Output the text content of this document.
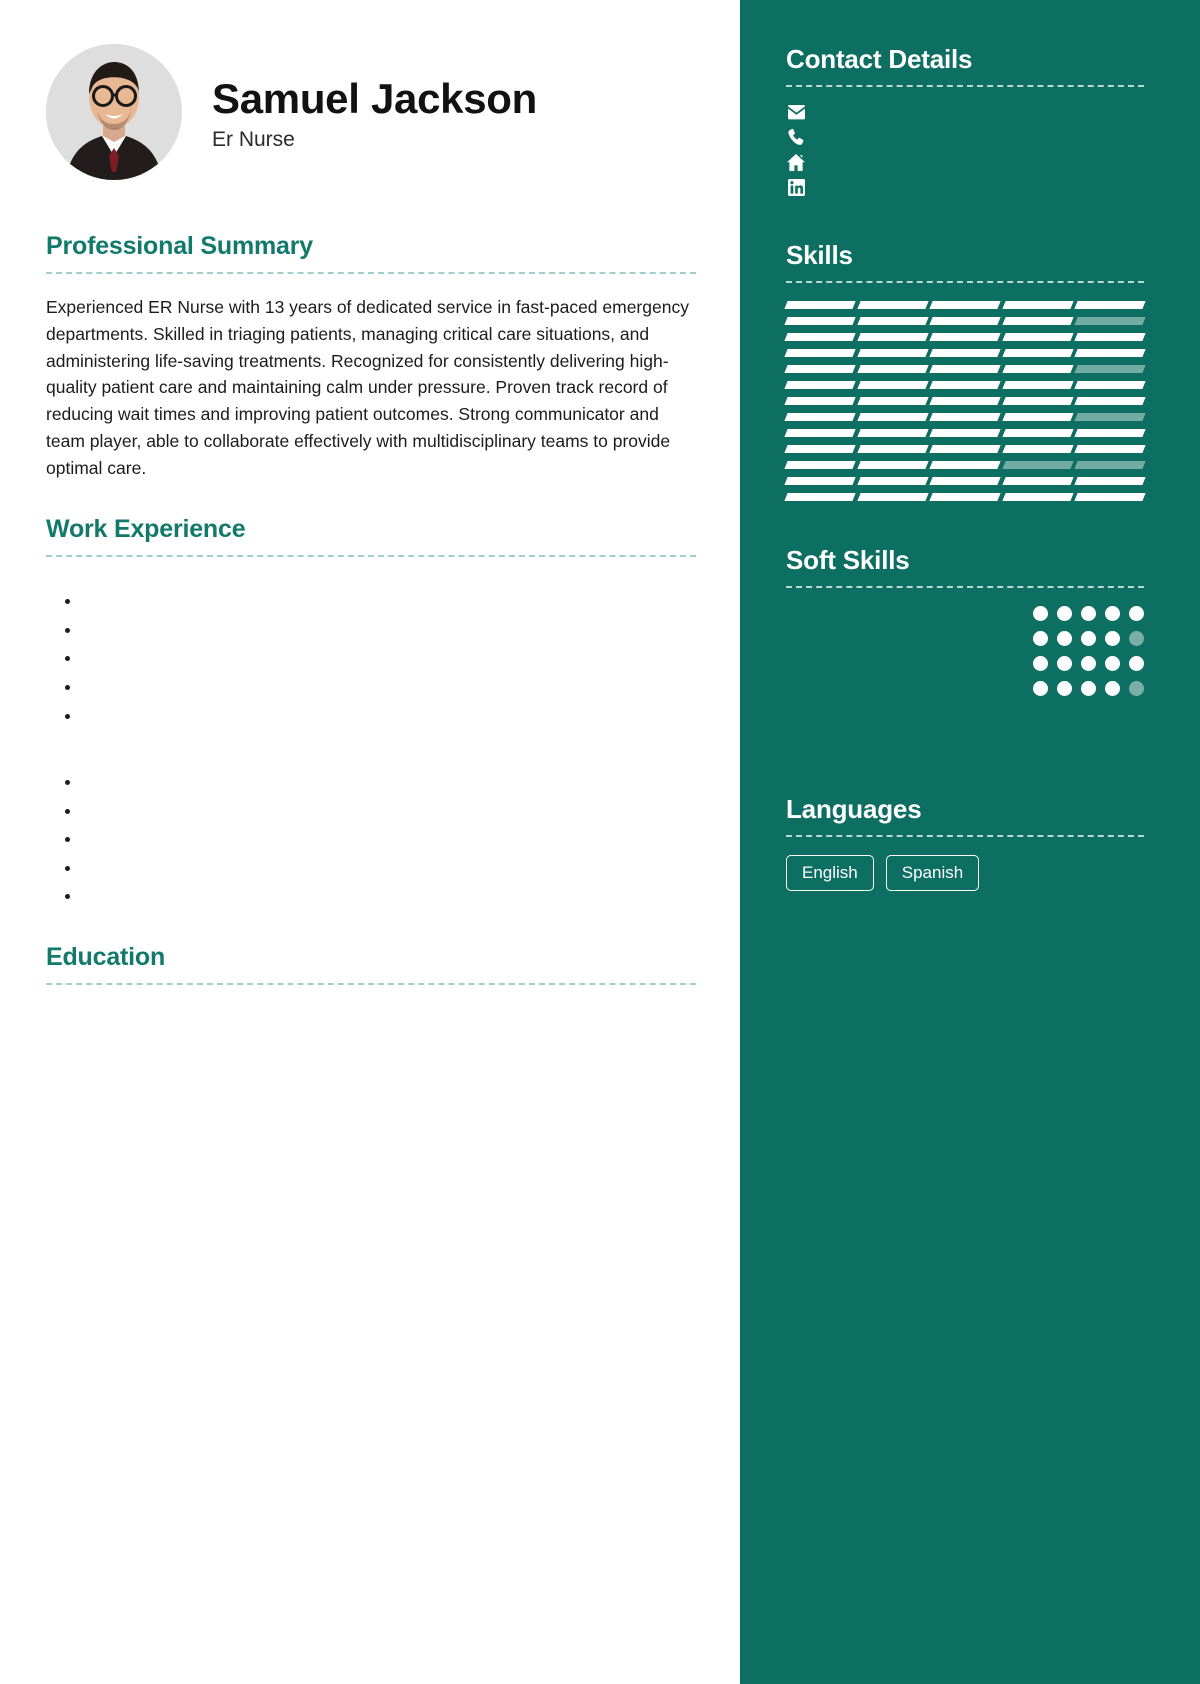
Samuel Jackson
Er Nurse
Professional Summary
Experienced ER Nurse with 13 years of dedicated service in fast-paced emergency departments. Skilled in triaging patients, managing critical care situations, and administering life-saving treatments. Recognized for consistently delivering high-quality patient care and maintaining calm under pressure. Proven track record of reducing wait times and improving patient outcomes. Strong communicator and team player, able to collaborate effectively with multidisciplinary teams to provide optimal care.
Work Experience
•
•
•
•
•
•
•
•
•
•
Education
Contact Details
Skills
Soft Skills
Languages
English	Spanish
